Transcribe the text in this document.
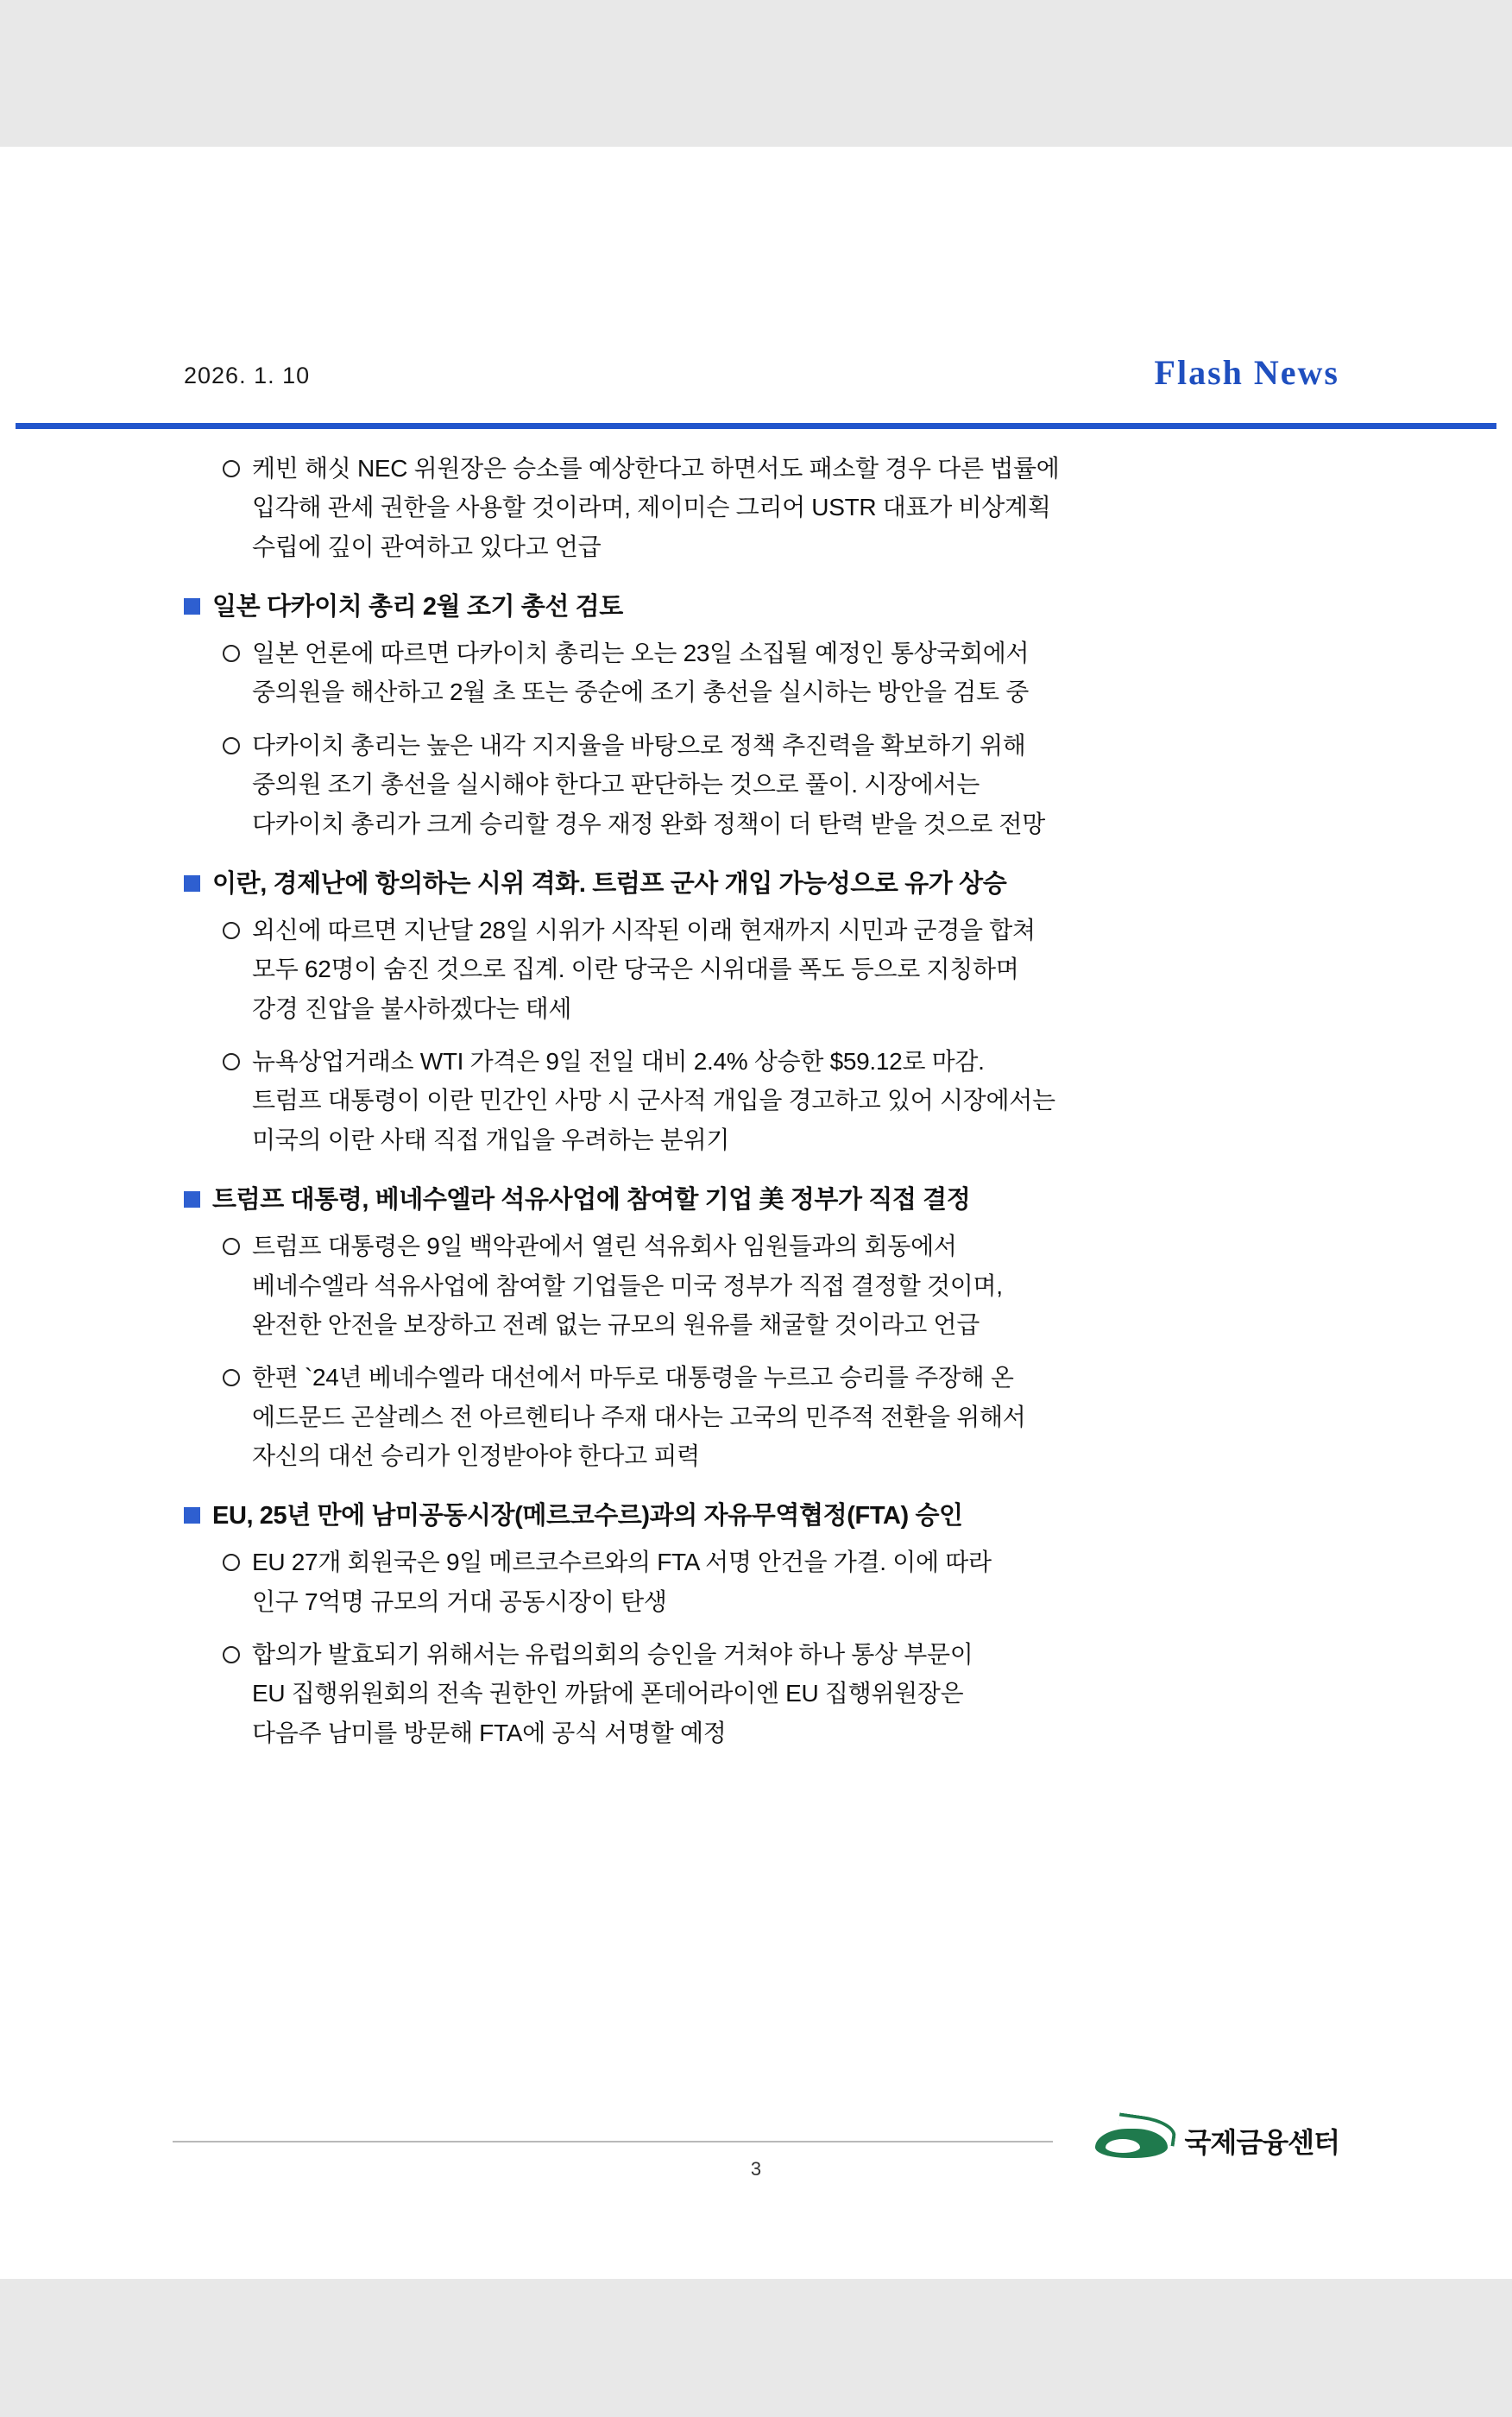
2026. 1. 10	Flash News
케빈 해싯 NEC 위원장은 승소를 예상한다고 하면서도 패소할 경우 다른 법률에
입각해 관세 권한을 사용할 것이라며, 제이미슨 그리어 USTR 대표가 비상계획
수립에 깊이 관여하고 있다고 언급
일본 다카이치 총리 2월 조기 총선 검토
일본 언론에 따르면 다카이치 총리는 오는 23일 소집될 예정인 통상국회에서
중의원을 해산하고 2월 초 또는 중순에 조기 총선을 실시하는 방안을 검토 중
다카이치 총리는 높은 내각 지지율을 바탕으로 정책 추진력을 확보하기 위해
중의원 조기 총선을 실시해야 한다고 판단하는 것으로 풀이. 시장에서는
다카이치 총리가 크게 승리할 경우 재정 완화 정책이 더 탄력 받을 것으로 전망
이란, 경제난에 항의하는 시위 격화. 트럼프 군사 개입 가능성으로 유가 상승
외신에 따르면 지난달 28일 시위가 시작된 이래 현재까지 시민과 군경을 합쳐
모두 62명이 숨진 것으로 집계. 이란 당국은 시위대를 폭도 등으로 지칭하며
강경 진압을 불사하겠다는 태세
뉴욕상업거래소 WTI 가격은 9일 전일 대비 2.4% 상승한 $59.12로 마감.
트럼프 대통령이 이란 민간인 사망 시 군사적 개입을 경고하고 있어 시장에서는
미국의 이란 사태 직접 개입을 우려하는 분위기
트럼프 대통령, 베네수엘라 석유사업에 참여할 기업 美 정부가 직접 결정
트럼프 대통령은 9일 백악관에서 열린 석유회사 임원들과의 회동에서
베네수엘라 석유사업에 참여할 기업들은 미국 정부가 직접 결정할 것이며,
완전한 안전을 보장하고 전례 없는 규모의 원유를 채굴할 것이라고 언급
한편 `24년 베네수엘라 대선에서 마두로 대통령을 누르고 승리를 주장해 온
에드문드 곤살레스 전 아르헨티나 주재 대사는 고국의 민주적 전환을 위해서
자신의 대선 승리가 인정받아야 한다고 피력
EU, 25년 만에 남미공동시장(메르코수르)과의 자유무역협정(FTA) 승인
EU 27개 회원국은 9일 메르코수르와의 FTA 서명 안건을 가결. 이에 따라
인구 7억명 규모의 거대 공동시장이 탄생
합의가 발효되기 위해서는 유럽의회의 승인을 거쳐야 하나 통상 부문이
EU 집행위원회의 전속 권한인 까닭에 폰데어라이엔 EU 집행위원장은
다음주 남미를 방문해 FTA에 공식 서명할 예정
3
국제금융센터
